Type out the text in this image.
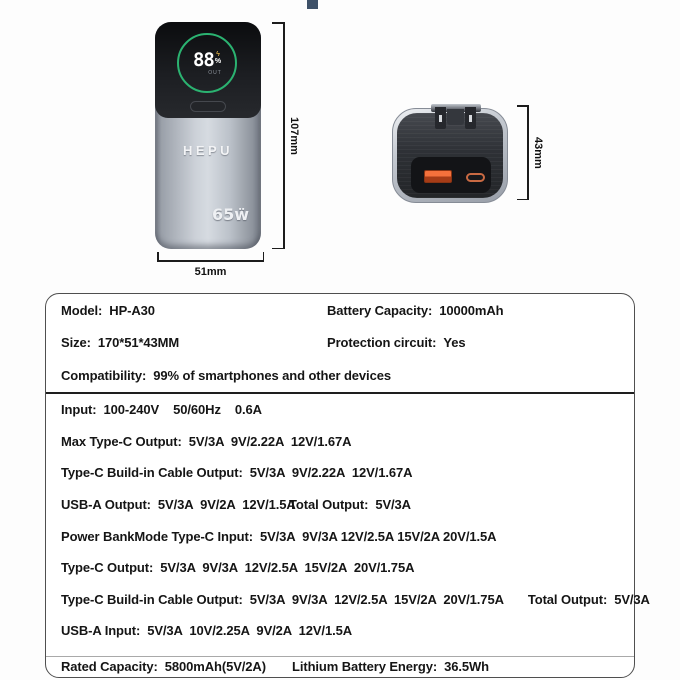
88 ϟ
%
OUT
HEPU
65ẅ
107mm
51mm
43mm
Model: HP-A30	Battery Capacity: 10000mAh
Size: 170*51*43MM	Protection circuit: Yes
Compatibility: 99% of smartphones and other devices
Input: 100-240V    50/60Hz    0.6A
Max Type-C Output: 5V/3A  9V/2.22A  12V/1.67A
Type-C Build-in Cable Output: 5V/3A  9V/2.22A  12V/1.67A
USB-A Output: 5V/3A  9V/2A  12V/1.5A
Total Output: 5V/3A
Power BankMode Type-C Input: 5V/3A  9V/3A 12V/2.5A 15V/2A 20V/1.5A
Type-C Output: 5V/3A  9V/3A  12V/2.5A  15V/2A  20V/1.75A
Type-C Build-in Cable Output: 5V/3A  9V/3A  12V/2.5A  15V/2A  20V/1.75A Total Output: 5V/3A
USB-A Input: 5V/3A  10V/2.25A  9V/2A  12V/1.5A
Rated Capacity: 5800mAh(5V/2A) Lithium Battery Energy: 36.5Wh
